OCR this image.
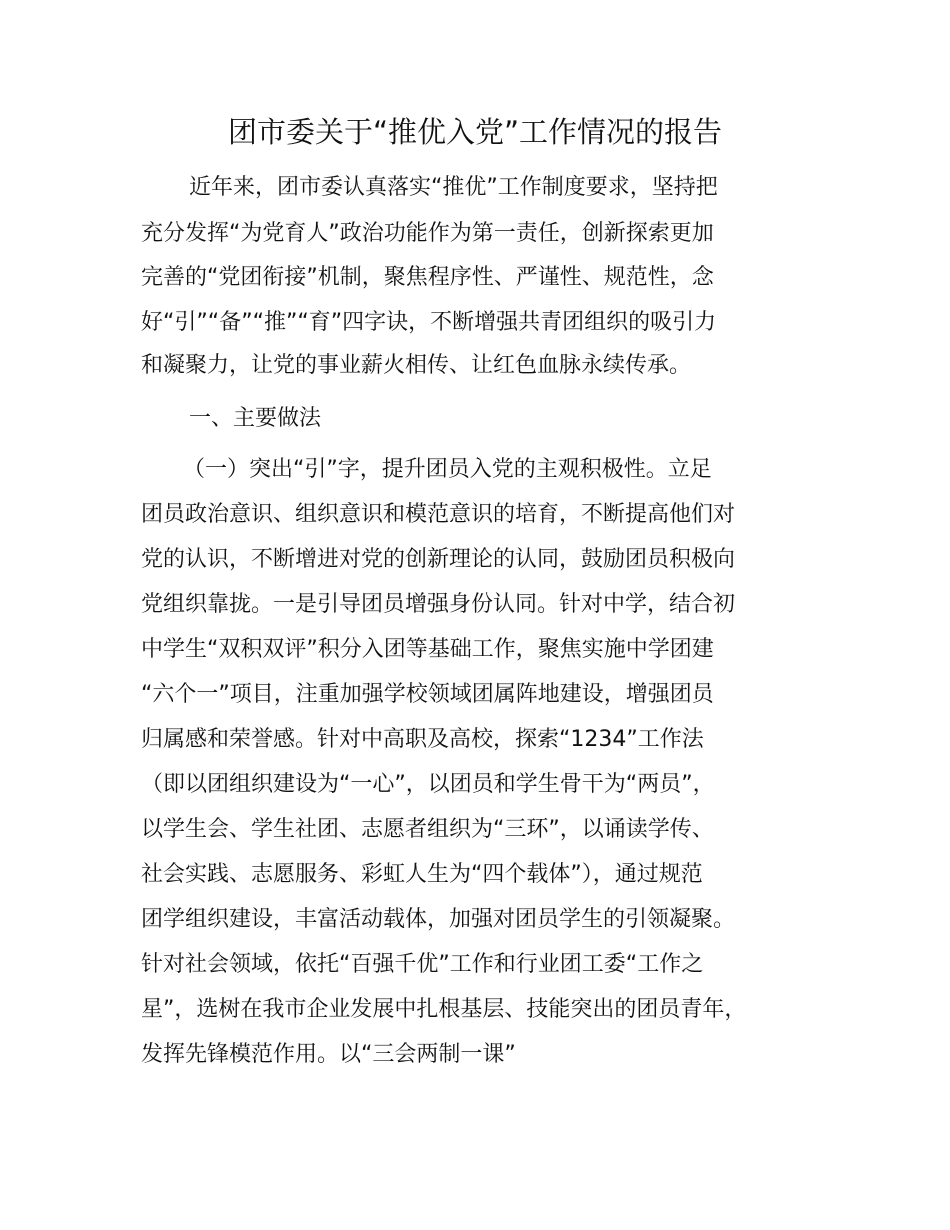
团市委关于“推优入党”工作情况的报告
近年来，团市委认真落实“推优”工作制度要求，坚持把
充分发挥“为党育人”政治功能作为第一责任，创新探索更加
完善的“党团衔接”机制，聚焦程序性、严谨性、规范性，念
好“引”“备”“推”“育”四字诀，不断增强共青团组织的吸引力
和凝聚力，让党的事业薪火相传、让红色血脉永续传承。
一、主要做法
（一）突出“引”字，提升团员入党的主观积极性。立足
团员政治意识、组织意识和模范意识的培育，不断提高他们对
党的认识，不断增进对党的创新理论的认同，鼓励团员积极向
党组织靠拢。一是引导团员增强身份认同。针对中学，结合初
中学生“双积双评”积分入团等基础工作，聚焦实施中学团建
“六个一”项目，注重加强学校领域团属阵地建设，增强团员
归属感和荣誉感。针对中高职及高校，探索“1234”工作法
（即以团组织建设为“一心”，以团员和学生骨干为“两员”，
以学生会、学生社团、志愿者组织为“三环”，以诵读学传、
社会实践、志愿服务、彩虹人生为“四个载体”），通过规范
团学组织建设，丰富活动载体，加强对团员学生的引领凝聚。
针对社会领域，依托“百强千优”工作和行业团工委“工作之
星”，选树在我市企业发展中扎根基层、技能突出的团员青年，
发挥先锋模范作用。以“三会两制一课”
